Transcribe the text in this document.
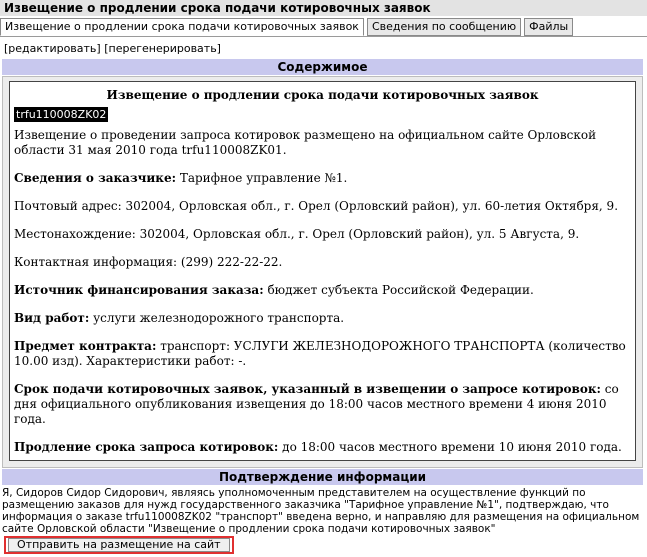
Извещение о продлении срока подачи котировочных заявок
Извещение о продлении срока подачи котировочных заявок	Сведения по сообщению	Файлы
[редактировать] [перегенерировать]
Содержимое
Извещение о продлении срока подачи котировочных заявок
trfu110008ZK02

Извещение о проведении запроса котировок размещено на официальном сайте Орловской области 31 мая 2010 года trfu110008ZK01.

Сведения о заказчике: Тарифное управление №1.

Почтовый адрес: 302004, Орловская обл., г. Орел (Орловский район), ул. 60-летия Октября, 9.

Местонахождение: 302004, Орловская обл., г. Орел (Орловский район), ул. 5 Августа, 9.

Контактная информация: (299) 222-22-22.

Источник финансирования заказа: бюджет субъекта Российской Федерации.

Вид работ: услуги железнодорожного транспорта.

Предмет контракта: транспорт: УСЛУГИ ЖЕЛЕЗНОДОРОЖНОГО ТРАНСПОРТА (количество 10.00 изд). Характеристики работ: -.

Срок подачи котировочных заявок, указанный в извещении о запросе котировок: со дня официального опубликования извещения до 18:00 часов местного времени 4 июня 2010 года.

Продление срока запроса котировок: до 18:00 часов местного времени 10 июня 2010 года.

Подтверждение информации
Я, Сидоров Сидор Сидорович, являясь уполномоченным представителем на осуществление функций по размещению заказов для нужд государственного заказчика "Тарифное управление №1", подтверждаю, что информация о заказе trfu110008ZK02 "транспорт" введена верно, и направляю для размещения на официальном сайте Орловской области "Извещение о продлении срока подачи котировочных заявок"
Отправить на размещение на сайт
